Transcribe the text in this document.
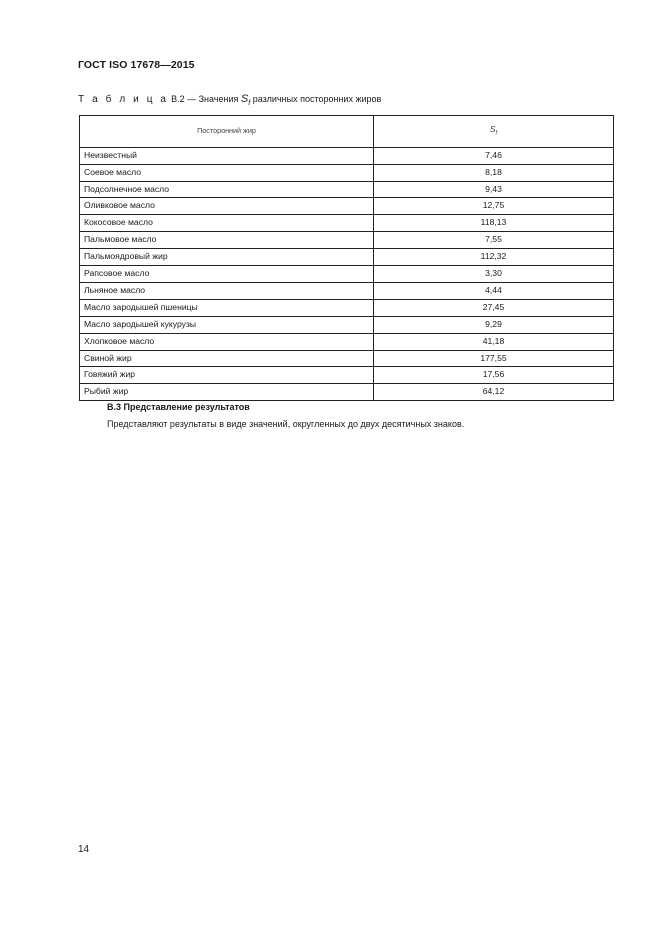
ГОСТ ISO 17678—2015
Т а б л и ц а В.2 — Значения $S_f$ различных посторонних жиров
Посторонний жир	$S_f$
Неизвестный	7,46
Соевое масло	8,18
Подсолнечное масло	9,43
Оливковое масло	12,75
Кокосовое масло	118,13
Пальмовое масло	7,55
Пальмоядровый жир	112,32
Рапсовое масло	3,30
Льняное масло	4,44
Масло зародышей пшеницы	27,45
Масло зародышей кукурузы	9,29
Хлопковое масло	41,18
Свиной жир	177,55
Говяжий жир	17,56
Рыбий жир	64,12
В.3 Представление результатов
Представляют результаты в виде значений, округленных до двух десятичных знаков.
14
